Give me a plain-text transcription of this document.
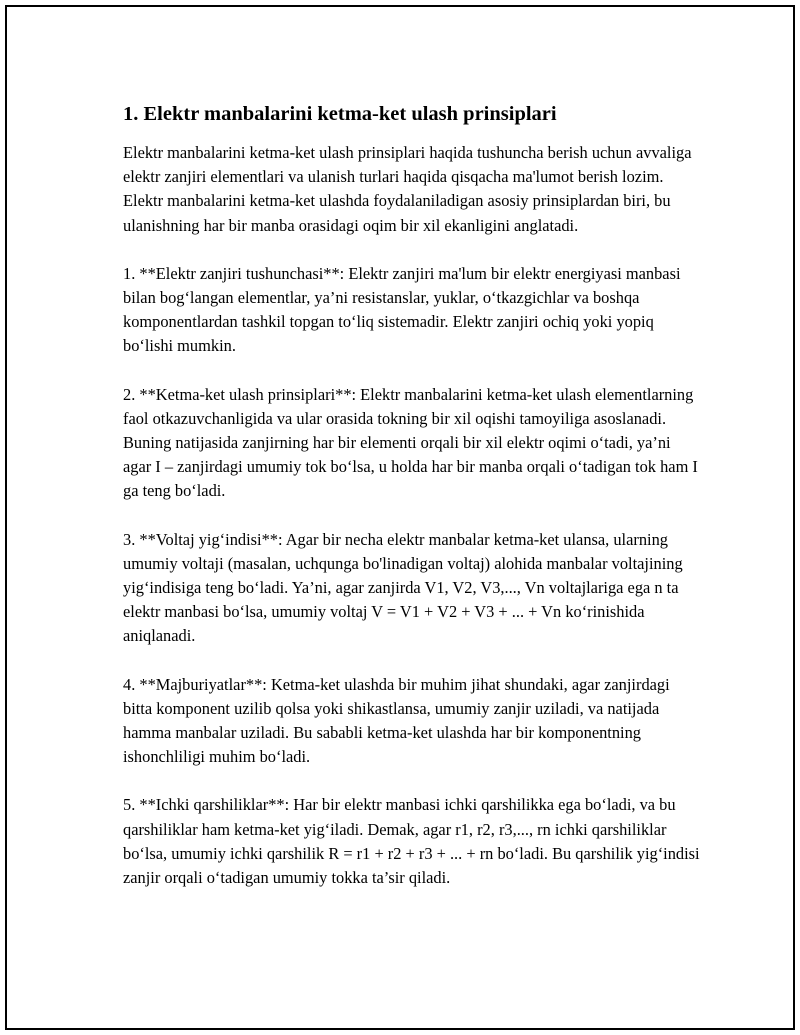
1. Elektr manbalarini ketma-ket ulash prinsiplari

Elektr manbalarini ketma-ket ulash prinsiplari haqida tushuncha berish uchun avvaliga elektr zanjiri elementlari va ulanish turlari haqida qisqacha ma'lumot berish lozim. Elektr manbalarini ketma-ket ulashda foydalaniladigan asosiy prinsiplardan biri, bu ulanishning har bir manba orasidagi oqim bir xil ekanligini anglatadi.

1. **Elektr zanjiri tushunchasi**: Elektr zanjiri ma'lum bir elektr energiyasi manbasi bilan bog‘langan elementlar, ya’ni resistanslar, yuklar, o‘tkazgichlar va boshqa komponentlardan tashkil topgan to‘liq sistemadir. Elektr zanjiri ochiq yoki yopiq bo‘lishi mumkin.

2. **Ketma-ket ulash prinsiplari**: Elektr manbalarini ketma-ket ulash elementlarning faol otkazuvchanligida va ular orasida tokning bir xil oqishi tamoyiliga asoslanadi. Buning natijasida zanjirning har bir elementi orqali bir xil elektr oqimi o‘tadi, ya’ni agar I – zanjirdagi umumiy tok bo‘lsa, u holda har bir manba orqali o‘tadigan tok ham I ga teng bo‘ladi.

3. **Voltaj yig‘indisi**: Agar bir necha elektr manbalar ketma-ket ulansa, ularning umumiy voltaji (masalan, uchqunga bo'linadigan voltaj) alohida manbalar voltajining yig‘indisiga teng bo‘ladi. Ya’ni, agar zanjirda V1, V2, V3,..., Vn voltajlariga ega n ta elektr manbasi bo‘lsa, umumiy voltaj V = V1 + V2 + V3 + ... + Vn ko‘rinishida aniqlanadi.

4. **Majburiyatlar**: Ketma-ket ulashda bir muhim jihat shundaki, agar zanjirdagi bitta komponent uzilib qolsa yoki shikastlansa, umumiy zanjir uziladi, va natijada hamma manbalar uziladi. Bu sababli ketma-ket ulashda har bir komponentning ishonchliligi muhim bo‘ladi.

5. **Ichki qarshiliklar**: Har bir elektr manbasi ichki qarshilikka ega bo‘ladi, va bu qarshiliklar ham ketma-ket yig‘iladi. Demak, agar r1, r2, r3,..., rn ichki qarshiliklar bo‘lsa, umumiy ichki qarshilik R = r1 + r2 + r3 + ... + rn bo‘ladi. Bu qarshilik yig‘indisi zanjir orqali o‘tadigan umumiy tokka ta’sir qiladi.
